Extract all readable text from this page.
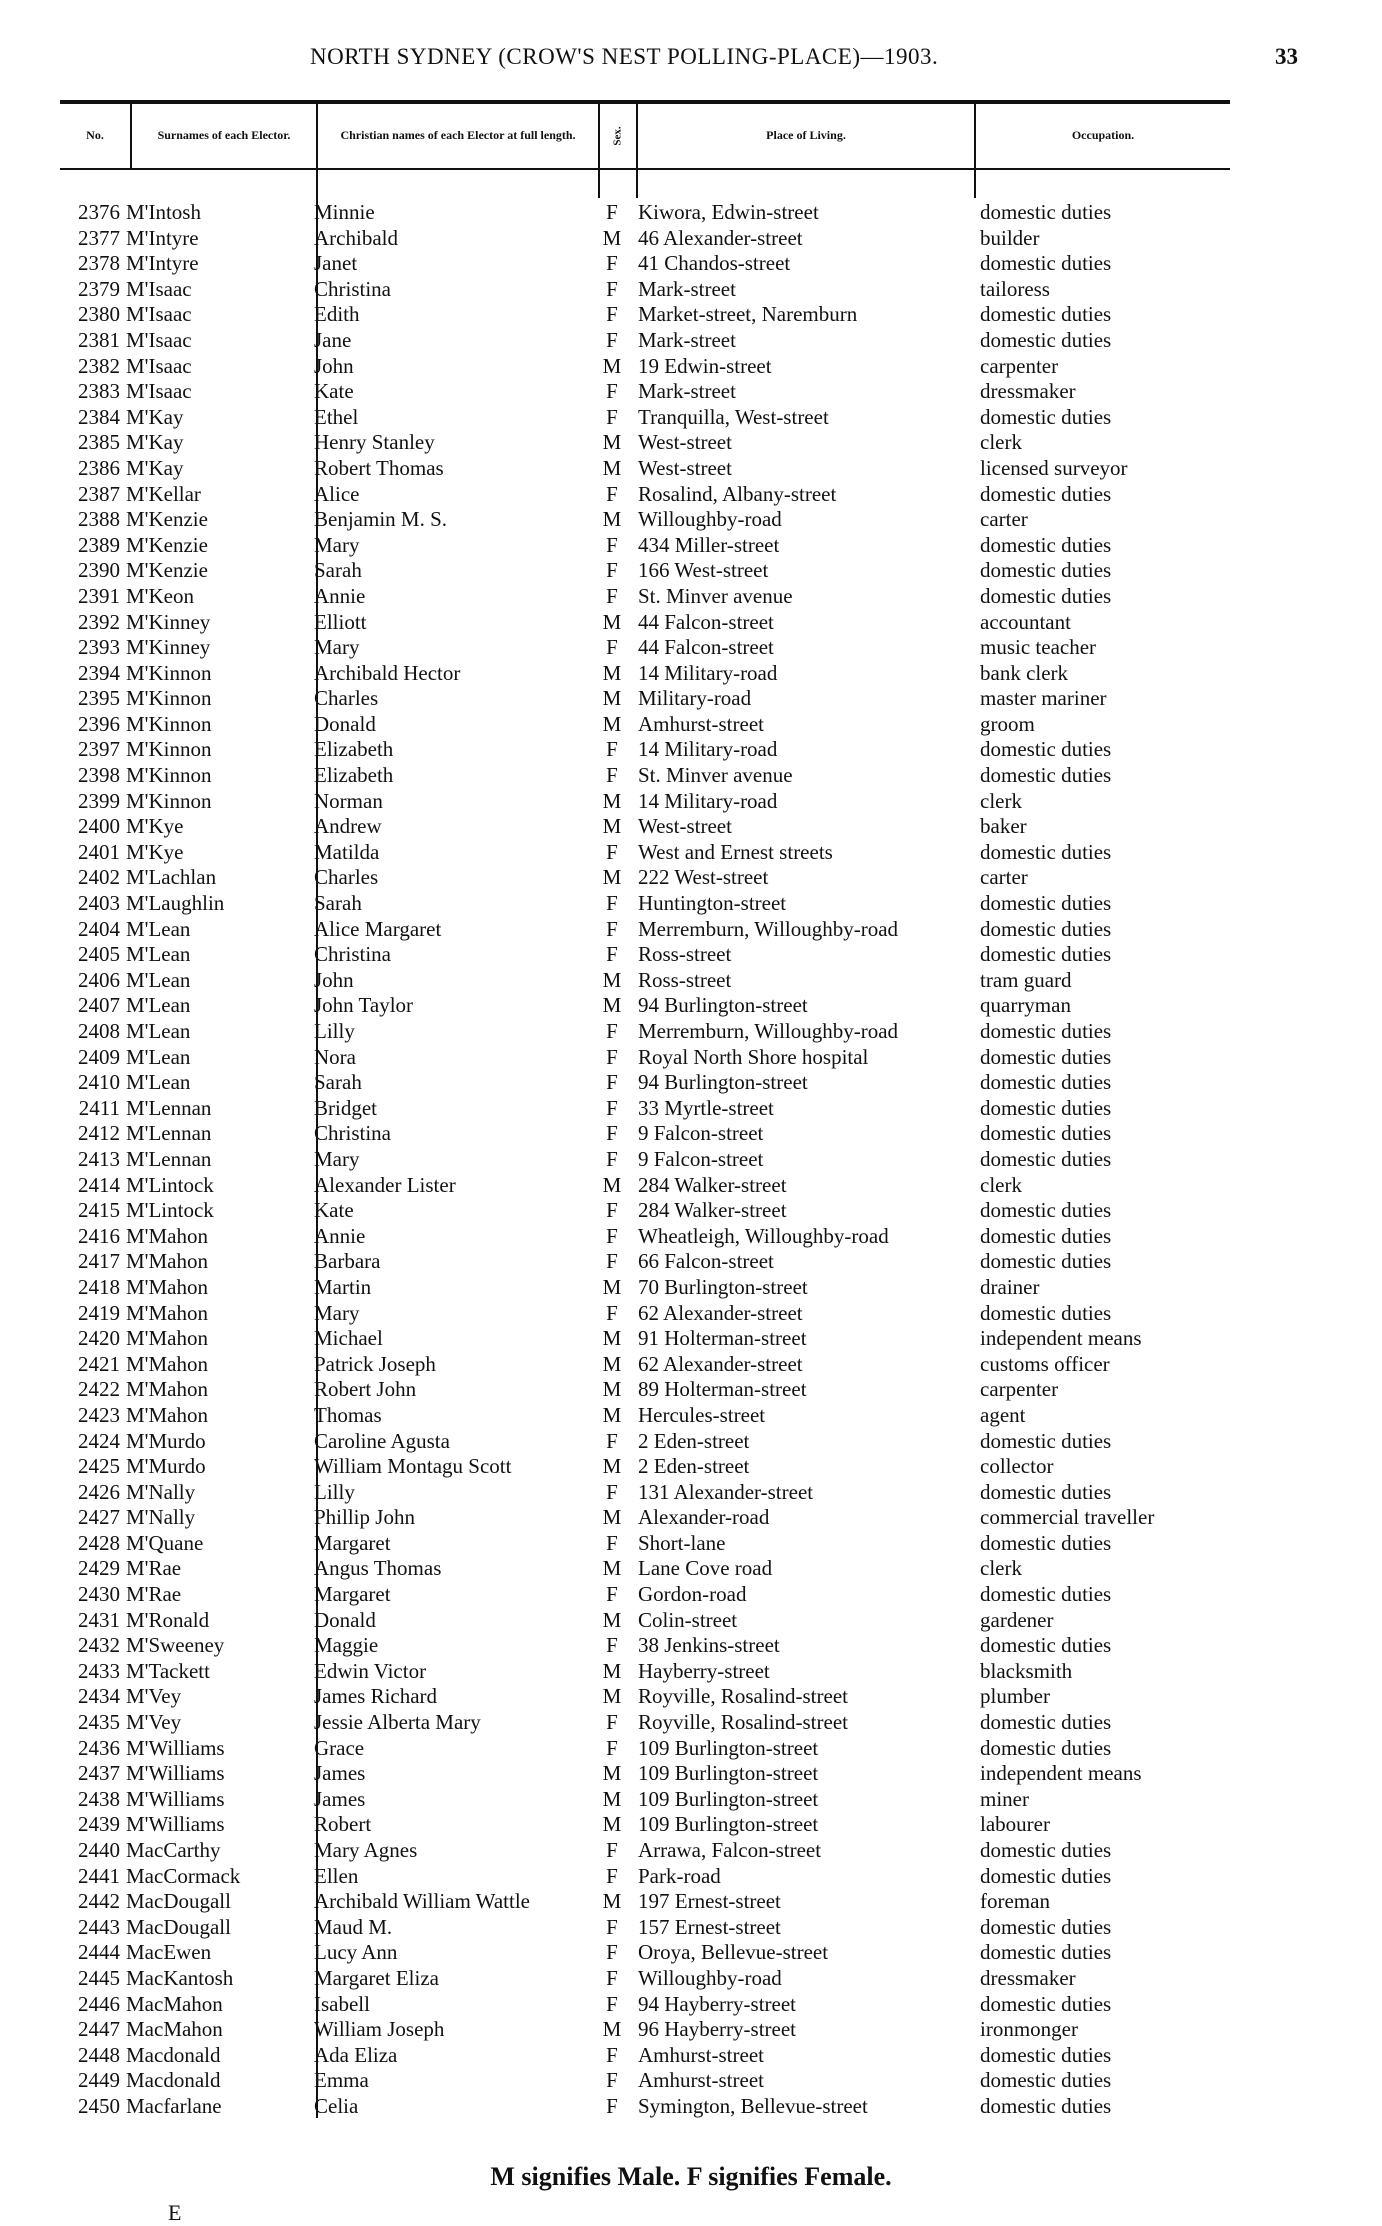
NORTH SYDNEY (CROW'S NEST POLLING-PLACE)—1903.	33
No.	Surnames of each Elector.	Christian names of each Elector at full length.	Sex.	Place of Living.	Occupation.
2376 M'Intosh	Minnie	F Kiwora, Edwin-street	domestic duties
2377 M'Intyre	Archibald	M 46 Alexander-street	builder
2378 M'Intyre	Janet	F 41 Chandos-street	domestic duties
2379 M'Isaac	Christina	F Mark-street	tailoress
2380 M'Isaac	Edith	F Market-street, Naremburn	domestic duties
2381 M'Isaac	Jane	F Mark-street	domestic duties
2382 M'Isaac	John	M 19 Edwin-street	carpenter
2383 M'Isaac	Kate	F Mark-street	dressmaker
2384 M'Kay	Ethel	F Tranquilla, West-street	domestic duties
2385 M'Kay	Henry Stanley	M West-street	clerk
2386 M'Kay	Robert Thomas	M West-street	licensed surveyor
2387 M'Kellar	Alice	F Rosalind, Albany-street	domestic duties
2388 M'Kenzie	Benjamin M. S.	M Willoughby-road	carter
2389 M'Kenzie	Mary	F 434 Miller-street	domestic duties
2390 M'Kenzie	Sarah	F 166 West-street	domestic duties
2391 M'Keon	Annie	F St. Minver avenue	domestic duties
2392 M'Kinney	Elliott	M 44 Falcon-street	accountant
2393 M'Kinney	Mary	F 44 Falcon-street	music teacher
2394 M'Kinnon	Archibald Hector	M 14 Military-road	bank clerk
2395 M'Kinnon	Charles	M Military-road	master mariner
2396 M'Kinnon	Donald	M Amhurst-street	groom
2397 M'Kinnon	Elizabeth	F 14 Military-road	domestic duties
2398 M'Kinnon	Elizabeth	F St. Minver avenue	domestic duties
2399 M'Kinnon	Norman	M 14 Military-road	clerk
2400 M'Kye	Andrew	M West-street	baker
2401 M'Kye	Matilda	F West and Ernest streets	domestic duties
2402 M'Lachlan	Charles	M 222 West-street	carter
2403 M'Laughlin	Sarah	F Huntington-street	domestic duties
2404 M'Lean	Alice Margaret	F Merremburn, Willoughby-road	domestic duties
2405 M'Lean	Christina	F Ross-street	domestic duties
2406 M'Lean	John	M Ross-street	tram guard
2407 M'Lean	John Taylor	M 94 Burlington-street	quarryman
2408 M'Lean	Lilly	F Merremburn, Willoughby-road	domestic duties
2409 M'Lean	Nora	F Royal North Shore hospital	domestic duties
2410 M'Lean	Sarah	F 94 Burlington-street	domestic duties
2411 M'Lennan	Bridget	F 33 Myrtle-street	domestic duties
2412 M'Lennan	Christina	F 9 Falcon-street	domestic duties
2413 M'Lennan	Mary	F 9 Falcon-street	domestic duties
2414 M'Lintock	Alexander Lister	M 284 Walker-street	clerk
2415 M'Lintock	Kate	F 284 Walker-street	domestic duties
2416 M'Mahon	Annie	F Wheatleigh, Willoughby-road	domestic duties
2417 M'Mahon	Barbara	F 66 Falcon-street	domestic duties
2418 M'Mahon	Martin	M 70 Burlington-street	drainer
2419 M'Mahon	Mary	F 62 Alexander-street	domestic duties
2420 M'Mahon	Michael	M 91 Holterman-street	independent means
2421 M'Mahon	Patrick Joseph	M 62 Alexander-street	customs officer
2422 M'Mahon	Robert John	M 89 Holterman-street	carpenter
2423 M'Mahon	Thomas	M Hercules-street	agent
2424 M'Murdo	Caroline Agusta	F 2 Eden-street	domestic duties
2425 M'Murdo	William Montagu Scott	M 2 Eden-street	collector
2426 M'Nally	Lilly	F 131 Alexander-street	domestic duties
2427 M'Nally	Phillip John	M Alexander-road	commercial traveller
2428 M'Quane	Margaret	F Short-lane	domestic duties
2429 M'Rae	Angus Thomas	M Lane Cove road	clerk
2430 M'Rae	Margaret	F Gordon-road	domestic duties
2431 M'Ronald	Donald	M Colin-street	gardener
2432 M'Sweeney	Maggie	F 38 Jenkins-street	domestic duties
2433 M'Tackett	Edwin Victor	M Hayberry-street	blacksmith
2434 M'Vey	James Richard	M Royville, Rosalind-street	plumber
2435 M'Vey	Jessie Alberta Mary	F Royville, Rosalind-street	domestic duties
2436 M'Williams	Grace	F 109 Burlington-street	domestic duties
2437 M'Williams	James	M 109 Burlington-street	independent means
2438 M'Williams	James	M 109 Burlington-street	miner
2439 M'Williams	Robert	M 109 Burlington-street	labourer
2440 MacCarthy	Mary Agnes	F Arrawa, Falcon-street	domestic duties
2441 MacCormack	Ellen	F Park-road	domestic duties
2442 MacDougall	Archibald William Wattle	M 197 Ernest-street	foreman
2443 MacDougall	Maud M.	F 157 Ernest-street	domestic duties
2444 MacEwen	Lucy Ann	F Oroya, Bellevue-street	domestic duties
2445 MacKantosh	Margaret Eliza	F Willoughby-road	dressmaker
2446 MacMahon	Isabell	F 94 Hayberry-street	domestic duties
2447 MacMahon	William Joseph	M 96 Hayberry-street	ironmonger
2448 Macdonald	Ada Eliza	F Amhurst-street	domestic duties
2449 Macdonald	Emma	F Amhurst-street	domestic duties
2450 Macfarlane	Celia	F Symington, Bellevue-street	domestic duties
M signifies Male. F signifies Female.
E
